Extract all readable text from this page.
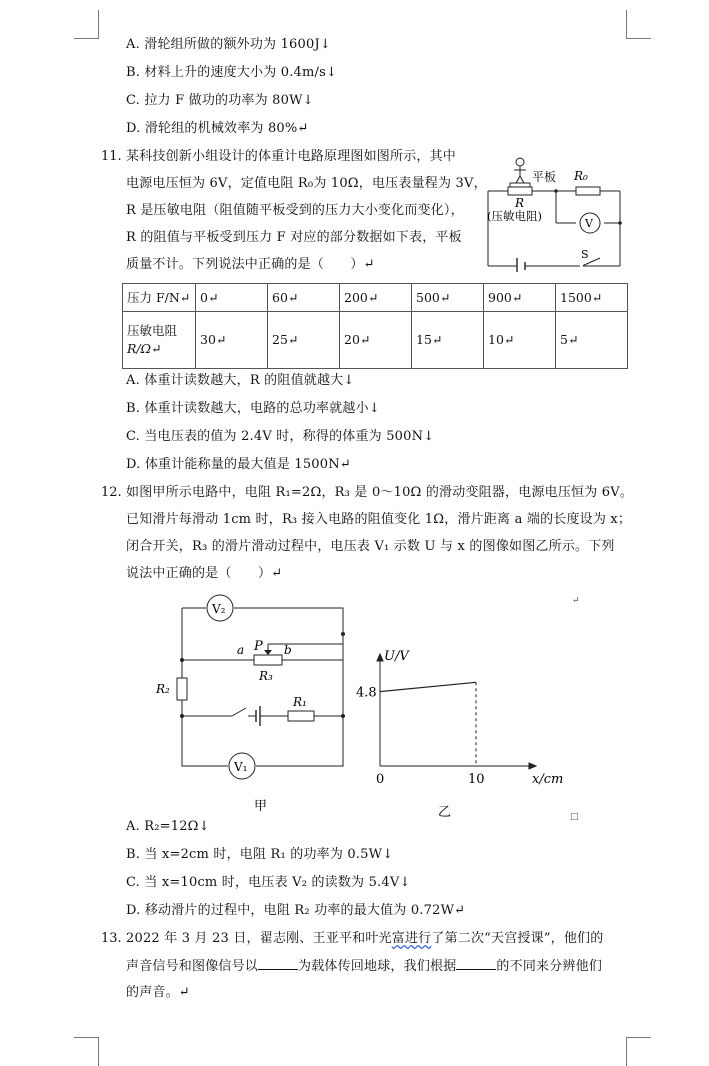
A. 滑轮组所做的额外功为 1600J↓
B. 材料上升的速度大小为 0.4m/s↓
C. 拉力 F 做功的功率为 80W↓
D. 滑轮组的机械效率为 80%↵
11. 某科技创新小组设计的体重计电路原理图如图所示，其中
电源电压恒为 6V，定值电阻 R₀为 10Ω，电压表量程为 3V，
R 是压敏电阻（阻值随平板受到的压力大小变化而变化），
R 的阻值与平板受到压力 F 对应的部分数据如下表，平板
质量不计。下列说法中正确的是（　　）↵
平板 R₀
R
(压敏电阻)
V
S
压力 F/N↵	0↵	60↵	200↵	500↵	900↵	1500↵

压敏电阻
R/Ω↵	30↵	25↵	20↵	15↵	10↵	5↵
A. 体重计读数越大，R 的阻值就越大↓
B. 体重计读数越大，电路的总功率就越小↓
C. 当电压表的值为 2.4V 时，称得的体重为 500N↓
D. 体重计能称量的最大值是 1500N↵
12. 如图甲所示电路中，电阻 R₁=2Ω，R₃ 是 0～10Ω 的滑动变阻器，电源电压恒为 6V。
已知滑片每滑动 1cm 时，R₃ 接入电路的阻值变化 1Ω，滑片距离 a 端的长度设为 x；
闭合开关，R₃ 的滑片滑动过程中，电压表 V₁ 示数 U 与 x 的图像如图乙所示。下列
说法中正确的是（　　）↵
↵
V₂
V₁
P
a	b
R₃
R₂
R₁
甲
0	10
4.8
x/cm
U/V
乙	□
A. R₂=12Ω↓
B. 当 x=2cm 时，电阻 R₁ 的功率为 0.5W↓
C. 当 x=10cm 时，电压表 V₂ 的读数为 5.4V↓
D. 移动滑片的过程中，电阻 R₂ 功率的最大值为 0.72W↵
13. 2022 年 3 月 23 日，翟志刚、王亚平和叶光富进行了第二次“天宫授课”，他们的
声音信号和图像信号以	为载体传回地球，我们根据	的不同来分辨他们
的声音。↵
